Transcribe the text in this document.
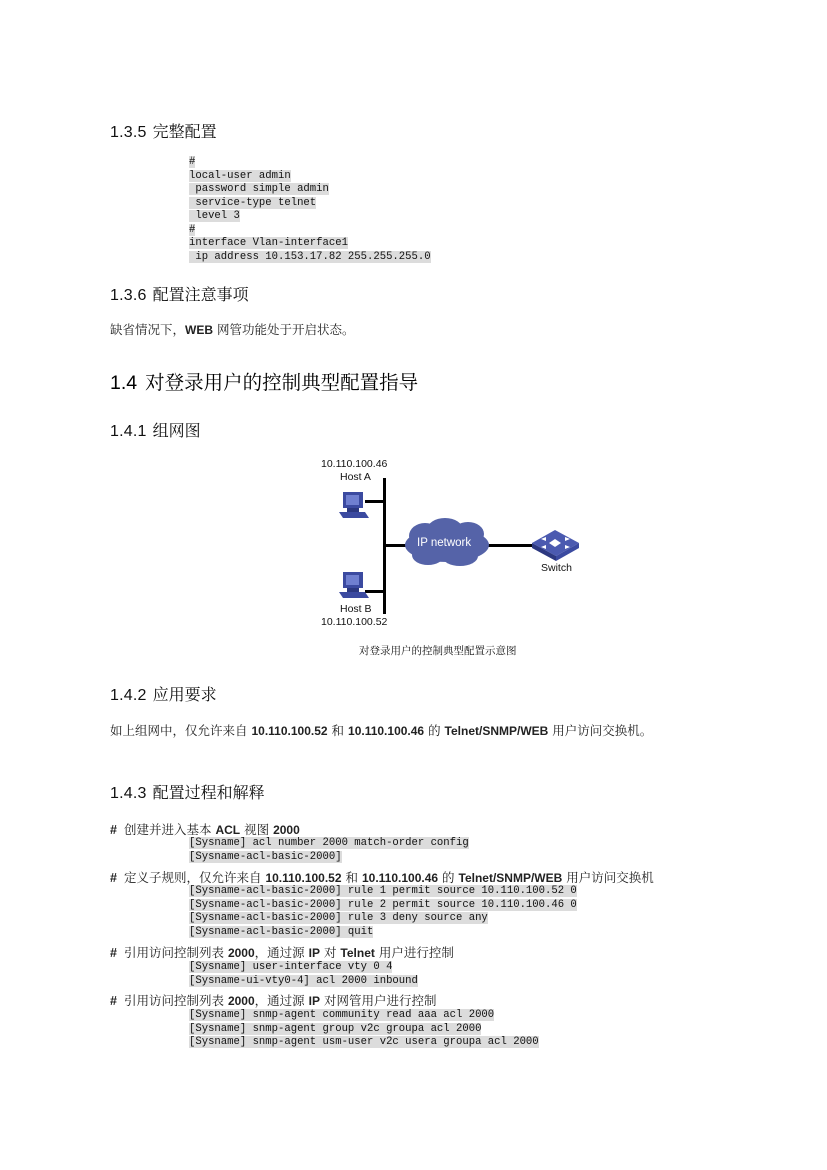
1.3.5 完整配置
#
local-user admin
password simple admin
service-type telnet
level 3
#
interface Vlan-interface1
ip address 10.153.17.82 255.255.255.0
1.3.6 配置注意事项
缺省情况下，WEB 网管功能处于开启状态。
1.4 对登录用户的控制典型配置指导
1.4.1 组网图
10.110.100.46
Host A
Host B
10.110.100.52
IP network
Switch
对登录用户的控制典型配置示意图
1.4.2 应用要求
如上组网中，仅允许来自 10.110.100.52 和 10.110.100.46 的 Telnet/SNMP/WEB 用户访问交换机。
1.4.3 配置过程和解释
# 创建并进入基本 ACL 视图 2000
[Sysname] acl number 2000 match-order config
[Sysname-acl-basic-2000]
# 定义子规则，仅允许来自 10.110.100.52 和 10.110.100.46 的 Telnet/SNMP/WEB 用户访问交换机
[Sysname-acl-basic-2000] rule 1 permit source 10.110.100.52 0
[Sysname-acl-basic-2000] rule 2 permit source 10.110.100.46 0
[Sysname-acl-basic-2000] rule 3 deny source any
[Sysname-acl-basic-2000] quit
# 引用访问控制列表 2000，通过源 IP 对 Telnet 用户进行控制
[Sysname] user-interface vty 0 4
[Sysname-ui-vty0-4] acl 2000 inbound
# 引用访问控制列表 2000，通过源 IP 对网管用户进行控制
[Sysname] snmp-agent community read aaa acl 2000
[Sysname] snmp-agent group v2c groupa acl 2000
[Sysname] snmp-agent usm-user v2c usera groupa acl 2000
